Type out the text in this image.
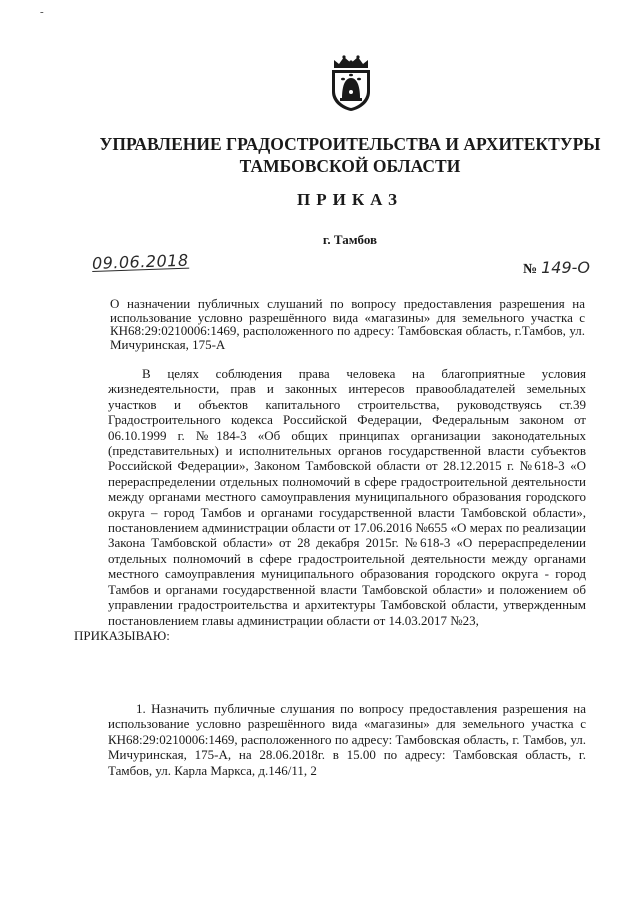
-
УПРАВЛЕНИЕ ГРАДОСТРОИТЕЛЬСТВА И АРХИТЕКТУРЫ
ТАМБОВСКОЙ ОБЛАСТИ
ПРИКАЗ
г. Тамбов
09.06.2018	№ 149-О
О назначении публичных слушаний по вопросу предоставления разрешения на использование условно разрешённого вида «магазины» для земельного участка с КН68:29:0210006:1469, расположенного по адресу: Тамбовская область, г.Тамбов, ул. Мичуринская, 175-А
В целях соблюдения права человека на благоприятные условия жизнедеятельности, прав и законных интересов правообладателей земельных участков и объектов капитального строительства, руководствуясь ст.39 Градостроительного кодекса Российской Федерации, Федеральным законом от 06.10.1999 г. №184-3 «Об общих принципах организации законодательных (представительных) и исполнительных органов государственной власти субъектов Российской Федерации», Законом Тамбовской области от 28.12.2015 г. №618-3 «О перераспределении отдельных полномочий в сфере градостроительной деятельности между органами местного самоуправления муниципального образования городского округа – город Тамбов и органами государственной власти Тамбовской области», постановлением администрации области от 17.06.2016 №655 «О мерах по реализации Закона Тамбовской области» от 28 декабря 2015г. №618-3 «О перераспределении отдельных полномочий в сфере градостроительной деятельности между органами местного самоуправления муниципального образования городского округа - город Тамбов и органами государственной власти Тамбовской области» и положением об управлении градостроительства и архитектуры Тамбовской области, утвержденным постановлением главы администрации области от 14.03.2017 №23,
ПРИКАЗЫВАЮ:
1. Назначить публичные слушания по вопросу предоставления разрешения на использование условно разрешённого вида «магазины» для земельного участка с КН68:29:0210006:1469, расположенного по адресу: Тамбовская область, г. Тамбов, ул. Мичуринская, 175-А, на 28.06.2018г. в 15.00 по адресу: Тамбовская область, г. Тамбов, ул. Карла Маркса, д.146/11, 2
